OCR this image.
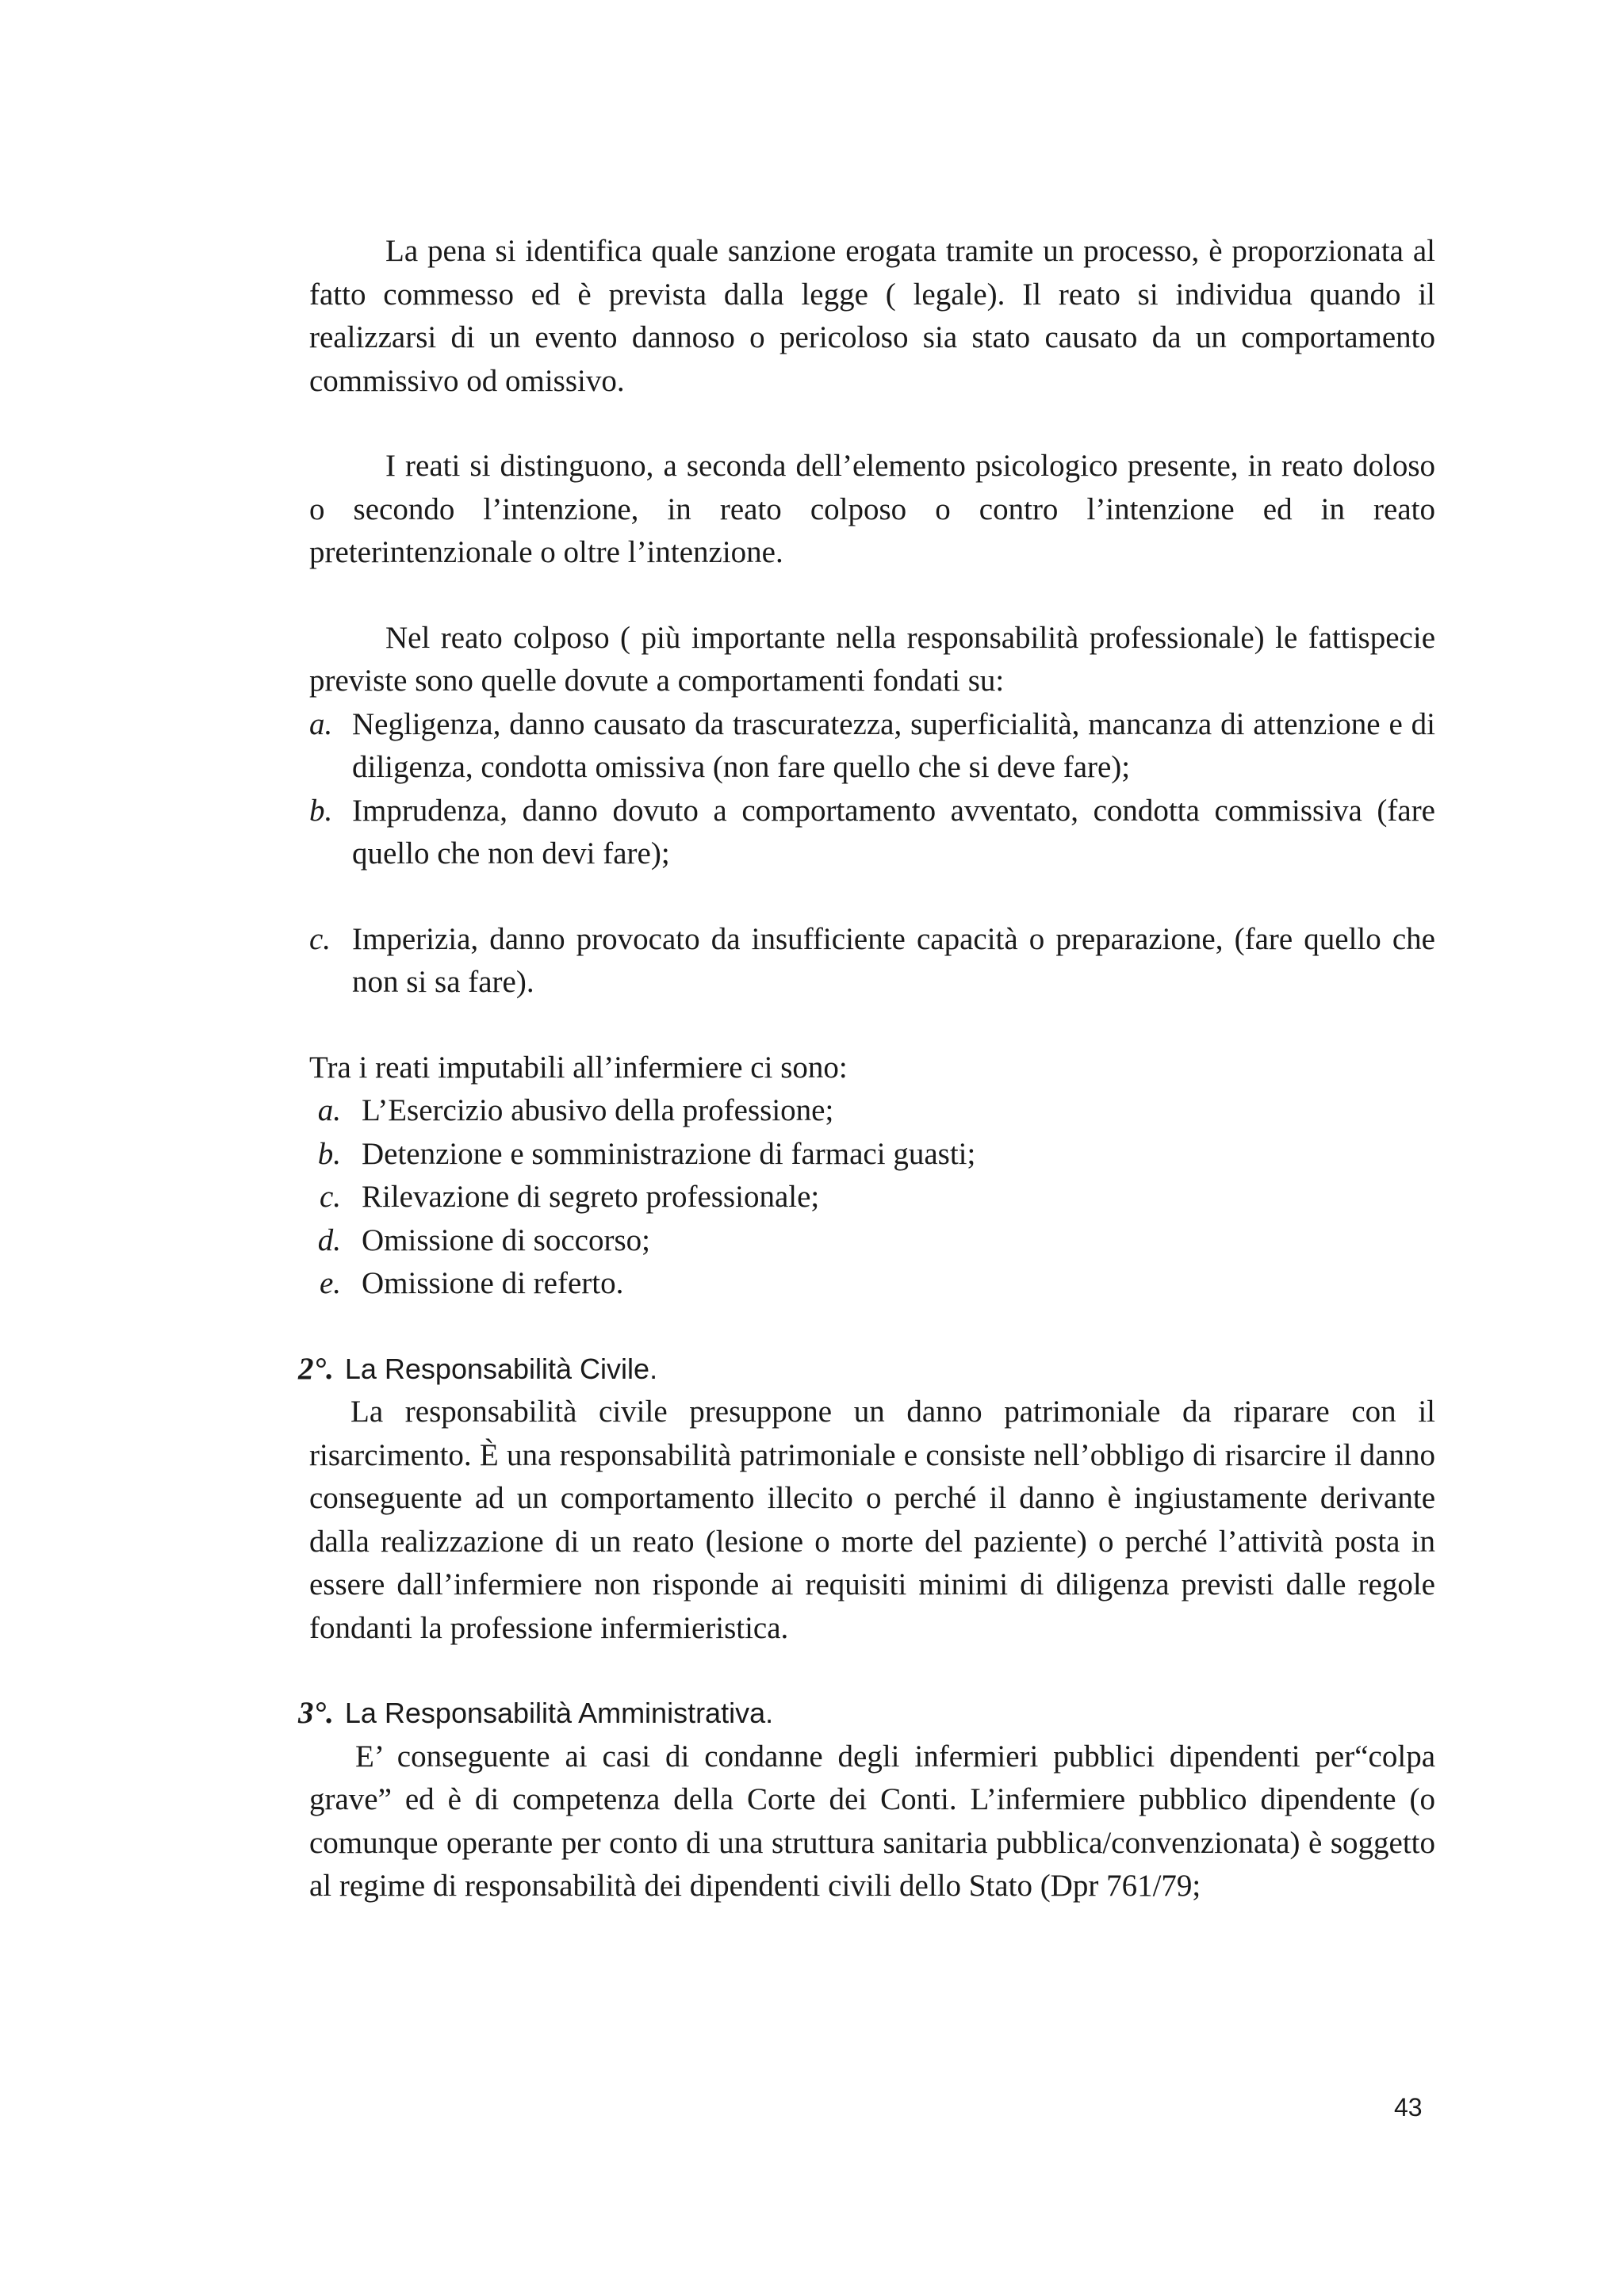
La pena si identifica quale sanzione erogata tramite un processo, è proporzionata al fatto commesso ed è prevista dalla legge ( legale). Il reato si individua quando il realizzarsi di un evento dannoso o pericoloso sia stato causato da un comportamento commissivo od omissivo.

I reati si distinguono, a seconda dell’elemento psicologico presente, in reato doloso o secondo l’intenzione, in reato colposo o contro l’intenzione ed in reato preterintenzionale o oltre l’intenzione.

Nel reato colposo ( più importante nella responsabilità professionale) le fattispecie previste sono quelle dovute a comportamenti fondati su:

a. Negligenza, danno causato da trascuratezza, superficialità, mancanza di attenzione e di diligenza, condotta omissiva (non fare quello che si deve fare);
b. Imprudenza, danno dovuto a comportamento avventato, condotta commissiva (fare quello che non devi fare);
c. Imperizia, danno provocato da insufficiente capacità o preparazione, (fare quello che non si sa fare).

Tra i reati imputabili all’infermiere ci sono:

a. L’Esercizio abusivo della professione;
b. Detenzione e somministrazione di farmaci guasti;
c. Rilevazione di segreto professionale;
d. Omissione di soccorso;
e. Omissione di referto.

2°. La Responsabilità Civile.

La responsabilità civile presuppone un danno patrimoniale da riparare con il risarcimento. È una responsabilità patrimoniale e consiste nell’obbligo di risarcire il danno conseguente ad un comportamento illecito o perché il danno è ingiustamente derivante dalla realizzazione di un reato (lesione o morte del paziente) o perché l’attività posta in essere dall’infermiere non risponde ai requisiti minimi di diligenza previsti dalle regole fondanti la professione infermieristica.

3°. La Responsabilità Amministrativa.

E’ conseguente ai casi di condanne degli infermieri pubblici dipendenti per“colpa grave” ed è di competenza della Corte dei Conti. L’infermiere pubblico dipendente (o comunque operante per conto di una struttura sanitaria pubblica/convenzionata) è soggetto al regime di responsabilità dei dipendenti civili dello Stato (Dpr 761/79;

43
